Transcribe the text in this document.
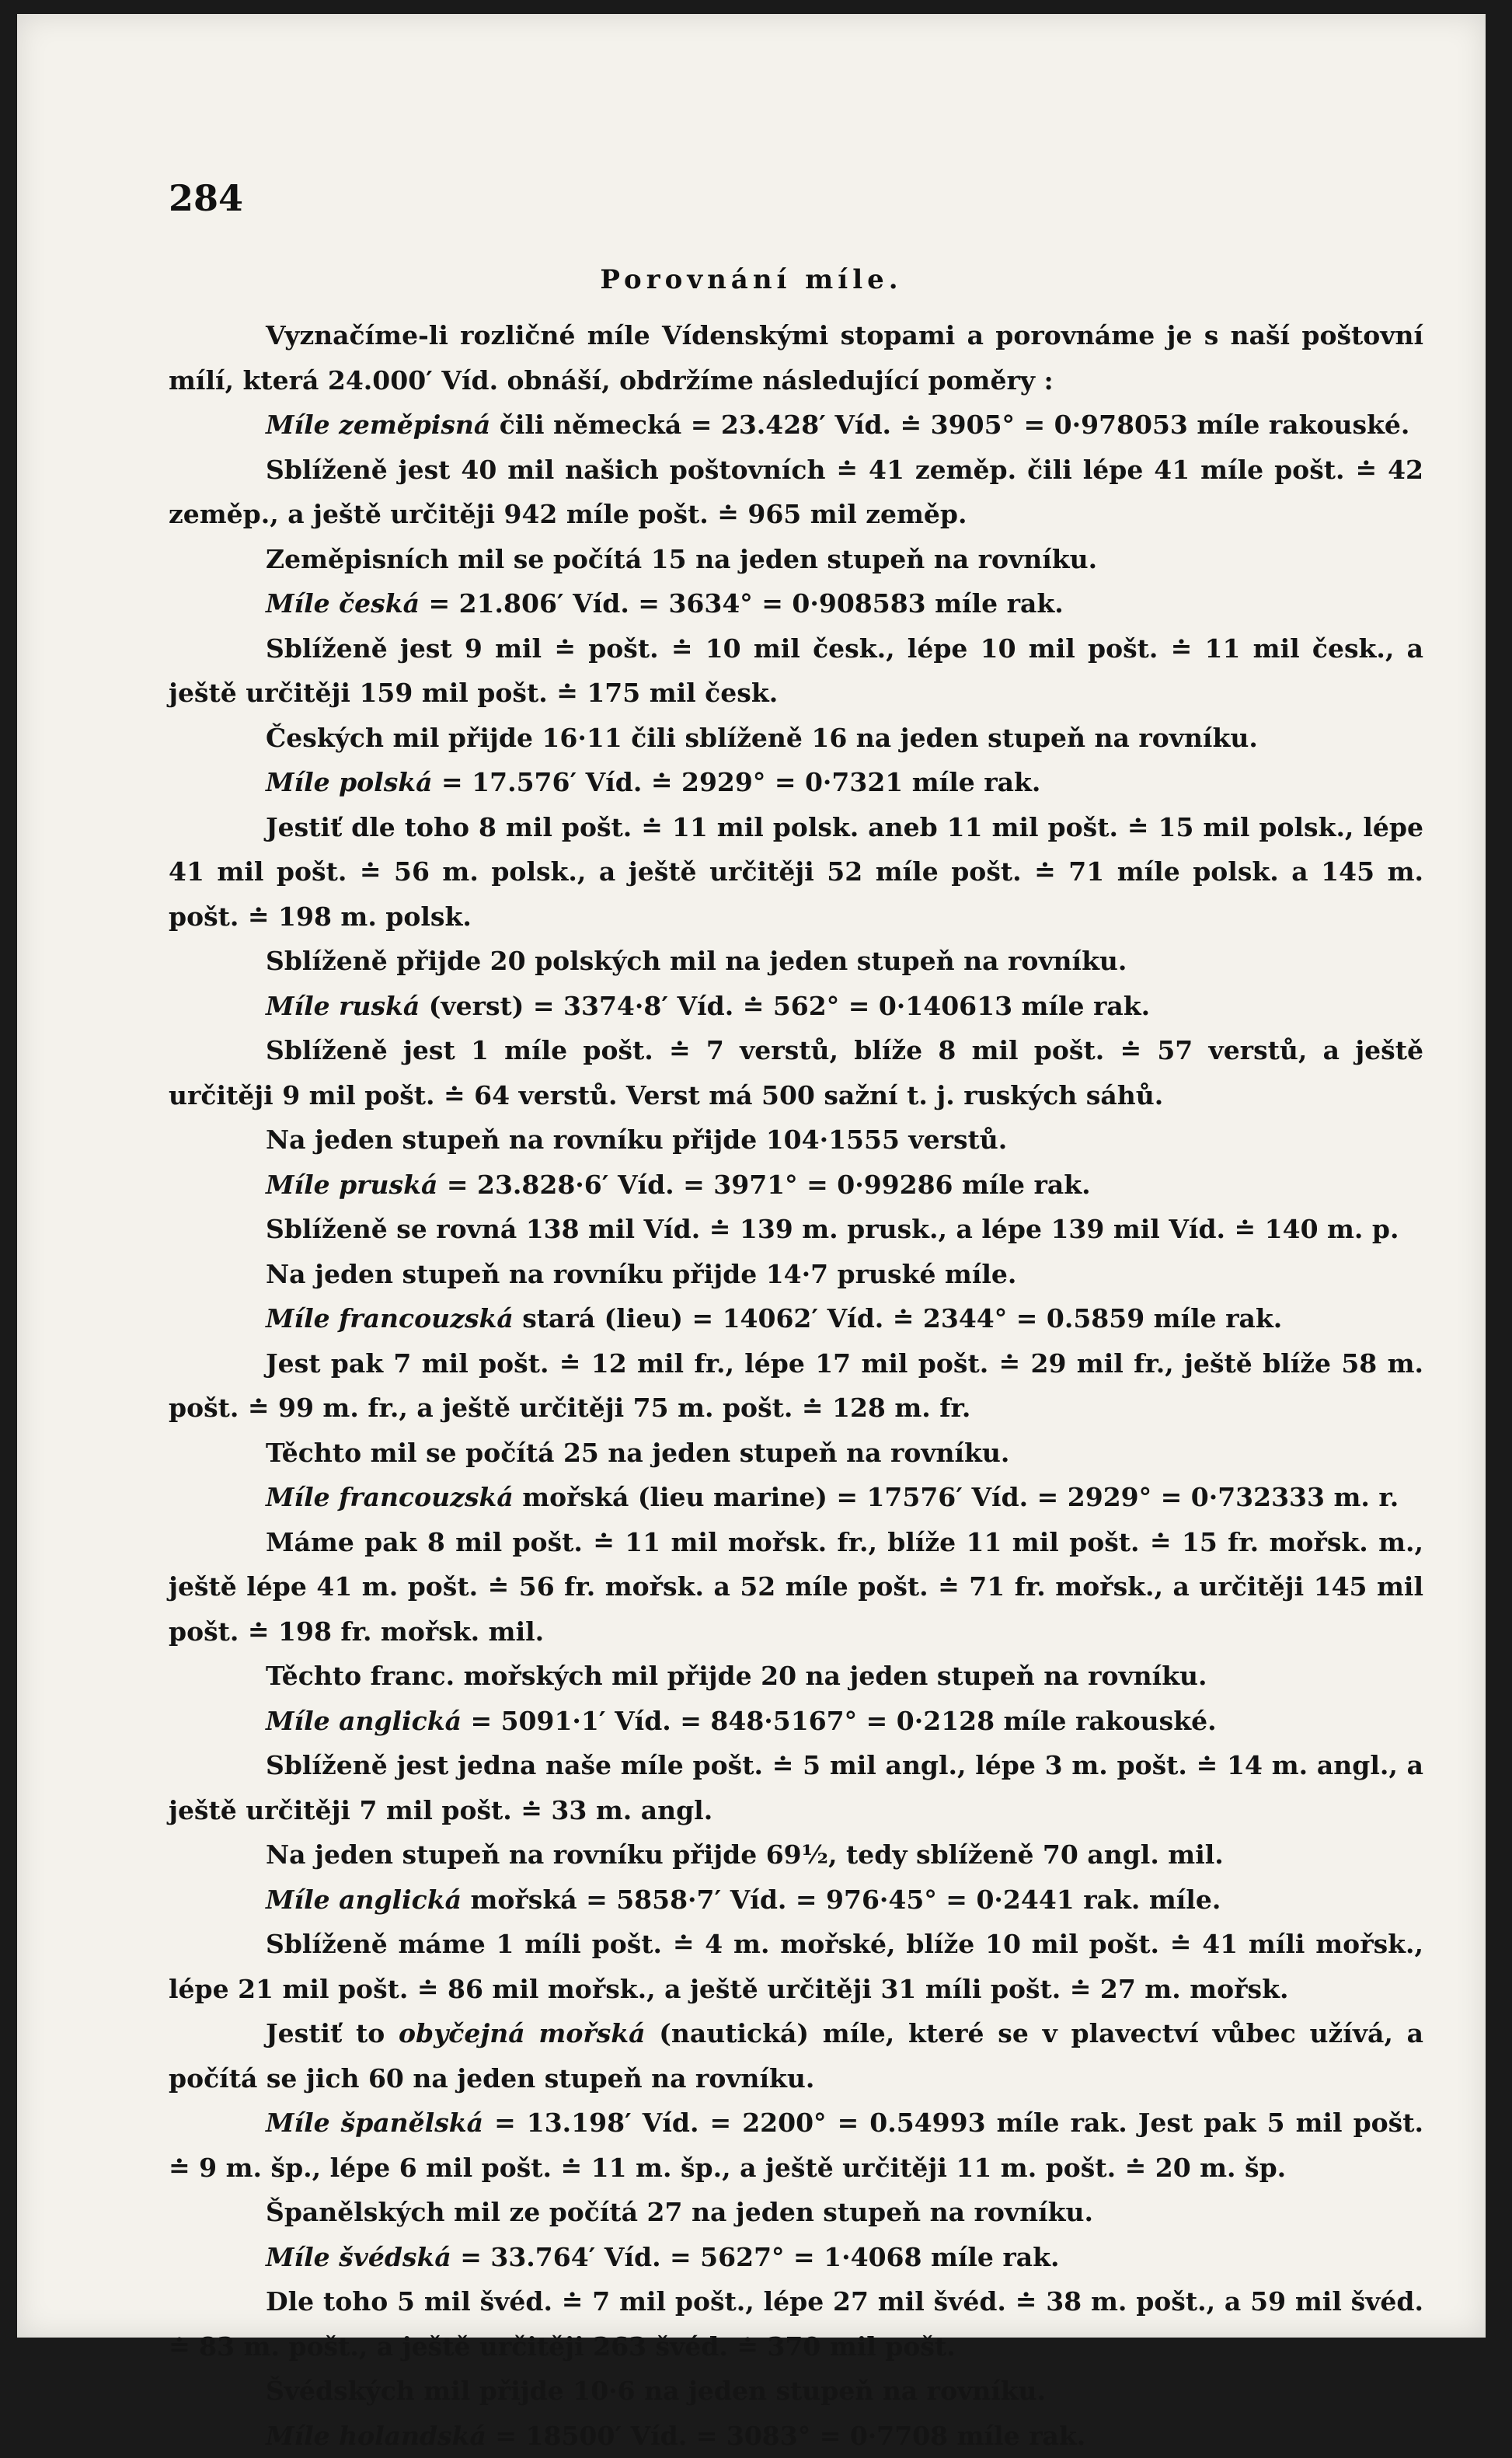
284
Porovnání míle.

Vyznačíme-li rozličné míle Vídenskými stopami a porovnáme je s naší poštovní mílí, která 24.000′ Víd. obnáší, obdržíme následující poměry :

Míle zeměpisná čili německá = 23.428′ Víd. ≐ 3905° = 0·978053 míle rakouské.

Sblíženě jest 40 mil našich poštovních ≐ 41 zeměp. čili lépe 41 míle pošt. ≐ 42 zeměp., a ještě určitěji 942 míle pošt. ≐ 965 mil zeměp.

Zeměpisních mil se počítá 15 na jeden stupeň na rovníku.

Míle česká = 21.806′ Víd. = 3634° = 0·908583 míle rak.

Sblíženě jest 9 mil ≐ pošt. ≐ 10 mil česk., lépe 10 mil pošt. ≐ 11 mil česk., a ještě určitěji 159 mil pošt. ≐ 175 mil česk.

Českých mil přijde 16·11 čili sblíženě 16 na jeden stupeň na rovníku.

Míle polská = 17.576′ Víd. ≐ 2929° = 0·7321 míle rak.

Jestiť dle toho 8 mil pošt. ≐ 11 mil polsk. aneb 11 mil pošt. ≐ 15 mil polsk., lépe 41 mil pošt. ≐ 56 m. polsk., a ještě určitěji 52 míle pošt. ≐ 71 míle polsk. a 145 m. pošt. ≐ 198 m. polsk.

Sblíženě přijde 20 polských mil na jeden stupeň na rovníku.

Míle ruská (verst) = 3374·8′ Víd. ≐ 562° = 0·140613 míle rak.

Sblíženě jest 1 míle pošt. ≐ 7 verstů, blíže 8 mil pošt. ≐ 57 verstů, a ještě určitěji 9 mil pošt. ≐ 64 verstů. Verst má 500 sažní t. j. ruských sáhů.

Na jeden stupeň na rovníku přijde 104·1555 verstů.

Míle pruská = 23.828·6′ Víd. = 3971° = 0·99286 míle rak.

Sblíženě se rovná 138 mil Víd. ≐ 139 m. prusk., a lépe 139 mil Víd. ≐ 140 m. p.

Na jeden stupeň na rovníku přijde 14·7 pruské míle.

Míle francouzská stará (lieu) = 14062′ Víd. ≐ 2344° = 0.5859 míle rak.

Jest pak 7 mil pošt. ≐ 12 mil fr., lépe 17 mil pošt. ≐ 29 mil fr., ještě blíže 58 m. pošt. ≐ 99 m. fr., a ještě určitěji 75 m. pošt. ≐ 128 m. fr.

Těchto mil se počítá 25 na jeden stupeň na rovníku.

Míle francouzská mořská (lieu marine) = 17576′ Víd. = 2929° = 0·732333 m. r.

Máme pak 8 mil pošt. ≐ 11 mil mořsk. fr., blíže 11 mil pošt. ≐ 15 fr. mořsk. m., ještě lépe 41 m. pošt. ≐ 56 fr. mořsk. a 52 míle pošt. ≐ 71 fr. mořsk., a určitěji 145 mil pošt. ≐ 198 fr. mořsk. mil.

Těchto franc. mořských mil přijde 20 na jeden stupeň na rovníku.

Míle anglická = 5091·1′ Víd. = 848·5167° = 0·2128 míle rakouské.

Sblíženě jest jedna naše míle pošt. ≐ 5 mil angl., lépe 3 m. pošt. ≐ 14 m. angl., a ještě určitěji 7 mil pošt. ≐ 33 m. angl.

Na jeden stupeň na rovníku přijde 69½, tedy sblíženě 70 angl. mil.

Míle anglická mořská = 5858·7′ Víd. = 976·45° = 0·2441 rak. míle.

Sblíženě máme 1 míli pošt. ≐ 4 m. mořské, blíže 10 mil pošt. ≐ 41 míli mořsk., lépe 21 mil pošt. ≐ 86 mil mořsk., a ještě určitěji 31 míli pošt. ≐ 27 m. mořsk.

Jestiť to obyčejná mořská (nautická) míle, které se v plavectví vůbec užívá, a počítá se jich 60 na jeden stupeň na rovníku.

Míle španělská = 13.198′ Víd. = 2200° = 0.54993 míle rak. Jest pak 5 mil pošt. ≐ 9 m. šp., lépe 6 mil pošt. ≐ 11 m. šp., a ještě určitěji 11 m. pošt. ≐ 20 m. šp.

Španělských mil ze počítá 27 na jeden stupeň na rovníku.

Míle švédská = 33.764′ Víd. = 5627° = 1·4068 míle rak.

Dle toho 5 mil švéd. ≐ 7 mil pošt., lépe 27 mil švéd. ≐ 38 m. pošt., a 59 mil švéd. ≐ 83 m. pošt., a ještě určitěji 263 švéd. ≐ 370 mil pošt.

Švédských mil přijde 10·6 na jeden stupeň na rovníku.

Míle holandská = 18500′ Víd. = 3083° = 0·7708 míle rak.
